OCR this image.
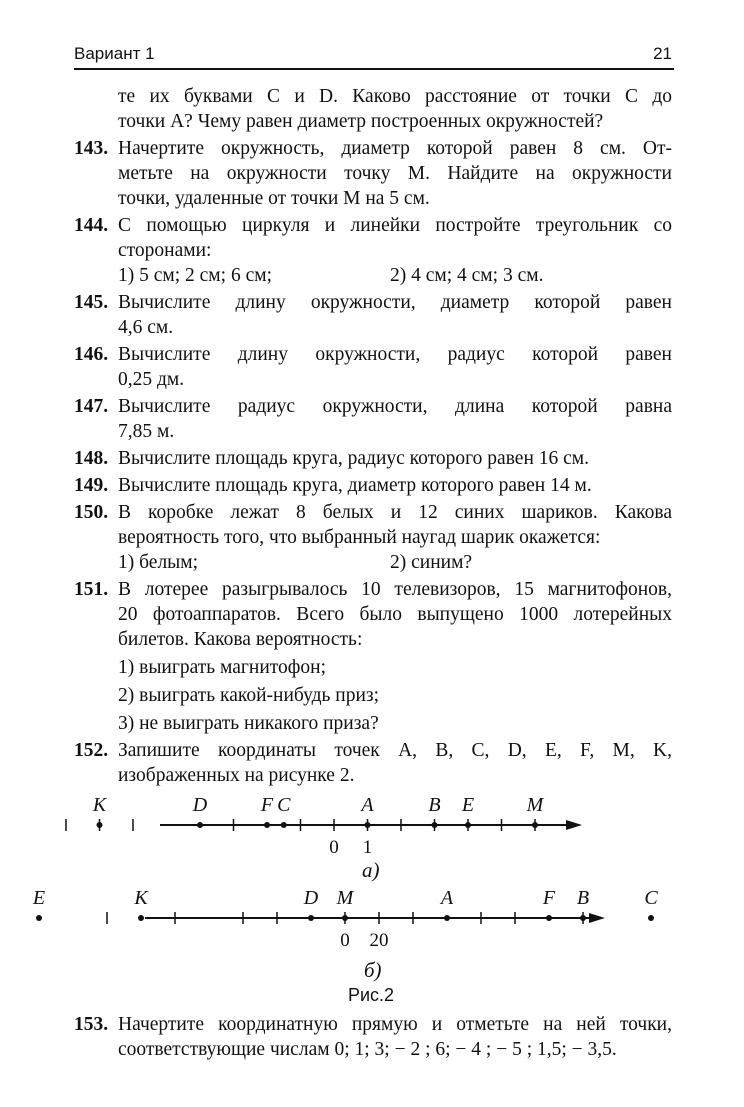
Вариант 1	21
те их буквами C и D. Каково расстояние от точки C до
точки A? Чему равен диаметр построенных окружностей?
143. Начертите окружность, диаметр которой равен 8 см. От-
метьте на окружности точку M. Найдите на окружности
точки, удаленные от точки M на 5 см.
144. С помощью циркуля и линейки постройте треугольник со
сторонами:
1) 5 см; 2 см; 6 см;	2) 4 см; 4 см; 3 см.
145. Вычислите длину окружности, диаметр которой равен
4,6 см.
146. Вычислите длину окружности, радиус которой равен
0,25 дм.
147. Вычислите радиус окружности, длина которой равна
7,85 м.
148. Вычислите площадь круга, радиус которого равен 16 см.
149. Вычислите площадь круга, диаметр которого равен 14 м.
150. В коробке лежат 8 белых и 12 синих шариков. Какова
вероятность того, что выбранный наугад шарик окажется:
1) белым;	2) синим?
151. В лотерее разыгрывалось 10 телевизоров, 15 магнитофонов,
20 фотоаппаратов. Всего было выпущено 1000 лотерейных
билетов. Какова вероятность:
1) выиграть магнитофон;
2) выиграть какой-нибудь приз;
3) не выиграть никакого приза?
152. Запишите координаты точек A, B, C, D, E, F, M, K,
изображенных на рисунке 2.
0 1
K	D	F C	A	B E	M
0 20
E	K	D M	A	F B	C
а)
б)
Рис.2
153. Начертите координатную прямую и отметьте на ней точки,
соответствующие числам 0; 1; 3; − 2 ; 6; − 4 ; − 5 ; 1,5; − 3,5.
